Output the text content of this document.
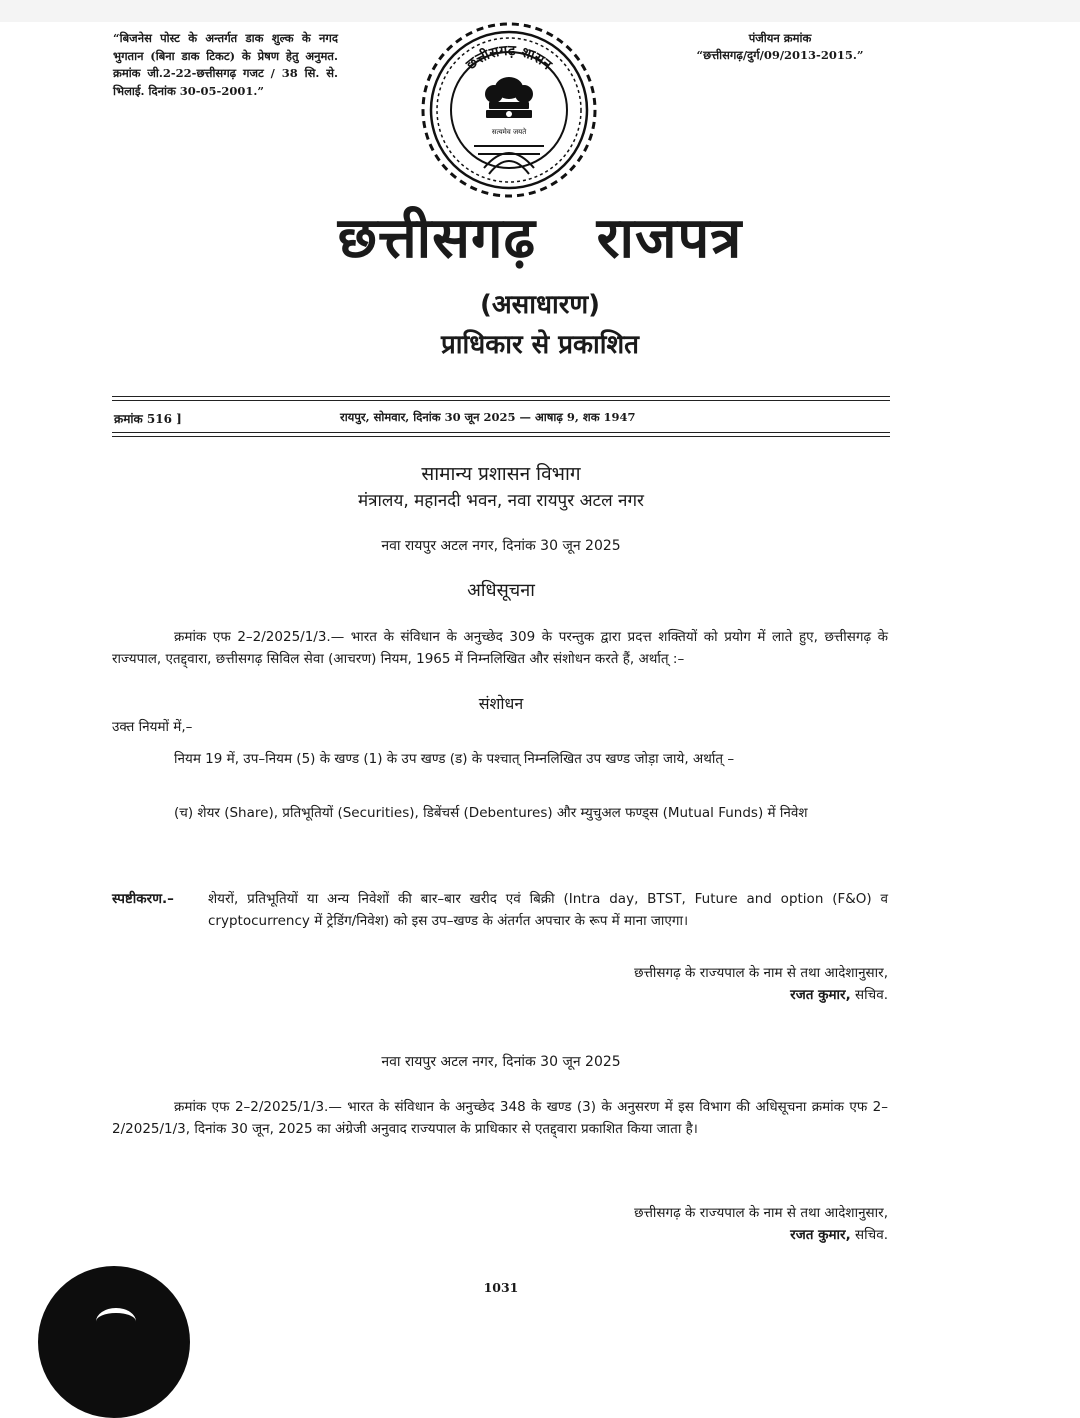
“बिजनेस पोस्ट के अन्तर्गत डाक शुल्क के नगद भुगतान (बिना डाक टिकट) के प्रेषण हेतु अनुमत. क्रमांक जी.2-22-छत्तीसगढ़ गजट / 38 सि. से. भिलाई. दिनांक 30-05-2001.”
पंजीयन क्रमांक
“छत्तीसगढ़/दुर्ग/09/2013-2015.”
छत्तीसगढ़ शासन
सत्यमेव जयते
छत्तीसगढ़ राजपत्र
(असाधारण)
प्राधिकार से प्रकाशित
क्रमांक 516 ]	रायपुर, सोमवार, दिनांक 30 जून 2025 — आषाढ़ 9, शक 1947
सामान्य प्रशासन विभाग
मंत्रालय, महानदी भवन, नवा रायपुर अटल नगर
नवा रायपुर अटल नगर, दिनांक 30 जून 2025
अधिसूचना
क्रमांक एफ 2–2/2025/1/3.— भारत के संविधान के अनुच्छेद 309 के परन्तुक द्वारा प्रदत्त शक्तियों को प्रयोग में लाते हुए, छत्तीसगढ़ के राज्यपाल, एतद्द्वारा, छत्तीसगढ़ सिविल सेवा (आचरण) नियम, 1965 में निम्नलिखित और संशोधन करते हैं, अर्थात् :–
संशोधन
उक्त नियमों में,–
नियम 19 में, उप–नियम (5) के खण्ड (1) के उप खण्ड (ड) के पश्चात् निम्नलिखित उप खण्ड जोड़ा जाये, अर्थात् –
(च) शेयर (Share), प्रतिभूतियों (Securities), डिबेंचर्स (Debentures) और म्युचुअल फण्ड्स (Mutual Funds) में निवेश
स्पष्टीकरण.–	शेयरों, प्रतिभूतियों या अन्य निवेशों की बार–बार खरीद एवं बिक्री (Intra day, BTST, Future and option (F&O) व cryptocurrency में ट्रेडिंग/निवेश) को इस उप–खण्ड के अंतर्गत अपचार के रूप में माना जाएगा।
छत्तीसगढ़ के राज्यपाल के नाम से तथा आदेशानुसार,
रजत कुमार, सचिव.
नवा रायपुर अटल नगर, दिनांक 30 जून 2025
क्रमांक एफ 2–2/2025/1/3.— भारत के संविधान के अनुच्छेद 348 के खण्ड (3) के अनुसरण में इस विभाग की अधिसूचना क्रमांक एफ 2–2/2025/1/3, दिनांक 30 जून, 2025 का अंग्रेजी अनुवाद राज्यपाल के प्राधिकार से एतद्द्वारा प्रकाशित किया जाता है।
छत्तीसगढ़ के राज्यपाल के नाम से तथा आदेशानुसार,
रजत कुमार, सचिव.
1031
